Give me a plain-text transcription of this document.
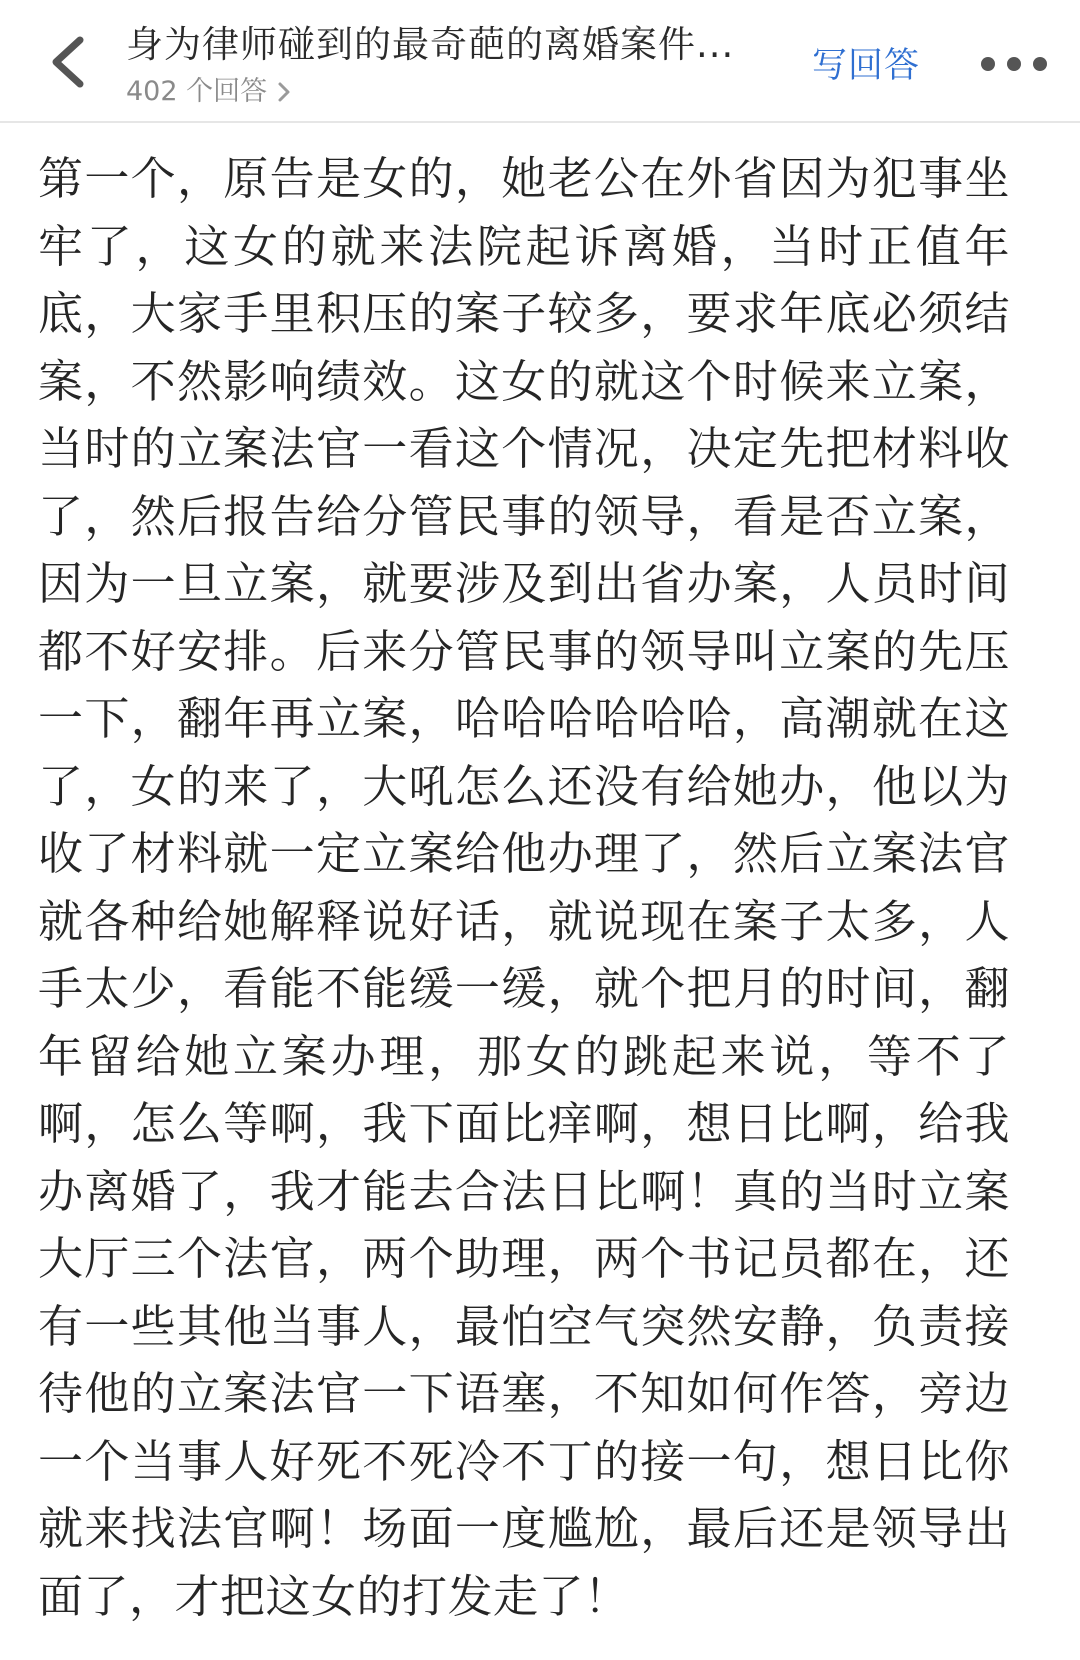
身为律师碰到的最奇葩的离婚案件...
402 个回答
写回答

第一个，原告是女的，她老公在外省因为犯事坐牢了，这女的就来法院起诉离婚，当时正值年底，大家手里积压的案子较多，要求年底必须结案，不然影响绩效。这女的就这个时候来立案，当时的立案法官一看这个情况，决定先把材料收了，然后报告给分管民事的领导，看是否立案，因为一旦立案，就要涉及到出省办案，人员时间都不好安排。后来分管民事的领导叫立案的先压一下，翻年再立案，哈哈哈哈哈哈，高潮就在这了，女的来了，大吼怎么还没有给她办，他以为收了材料就一定立案给他办理了，然后立案法官就各种给她解释说好话，就说现在案子太多，人手太少，看能不能缓一缓，就个把月的时间，翻年留给她立案办理，那女的跳起来说，等不了啊，怎么等啊，我下面比痒啊，想日比啊，给我办离婚了，我才能去合法日比啊！真的当时立案大厅三个法官，两个助理，两个书记员都在，还有一些其他当事人，最怕空气突然安静，负责接待他的立案法官一下语塞，不知如何作答，旁边一个当事人好死不死冷不丁的接一句，想日比你就来找法官啊！场面一度尴尬，最后还是领导出面了，才把这女的打发走了！
